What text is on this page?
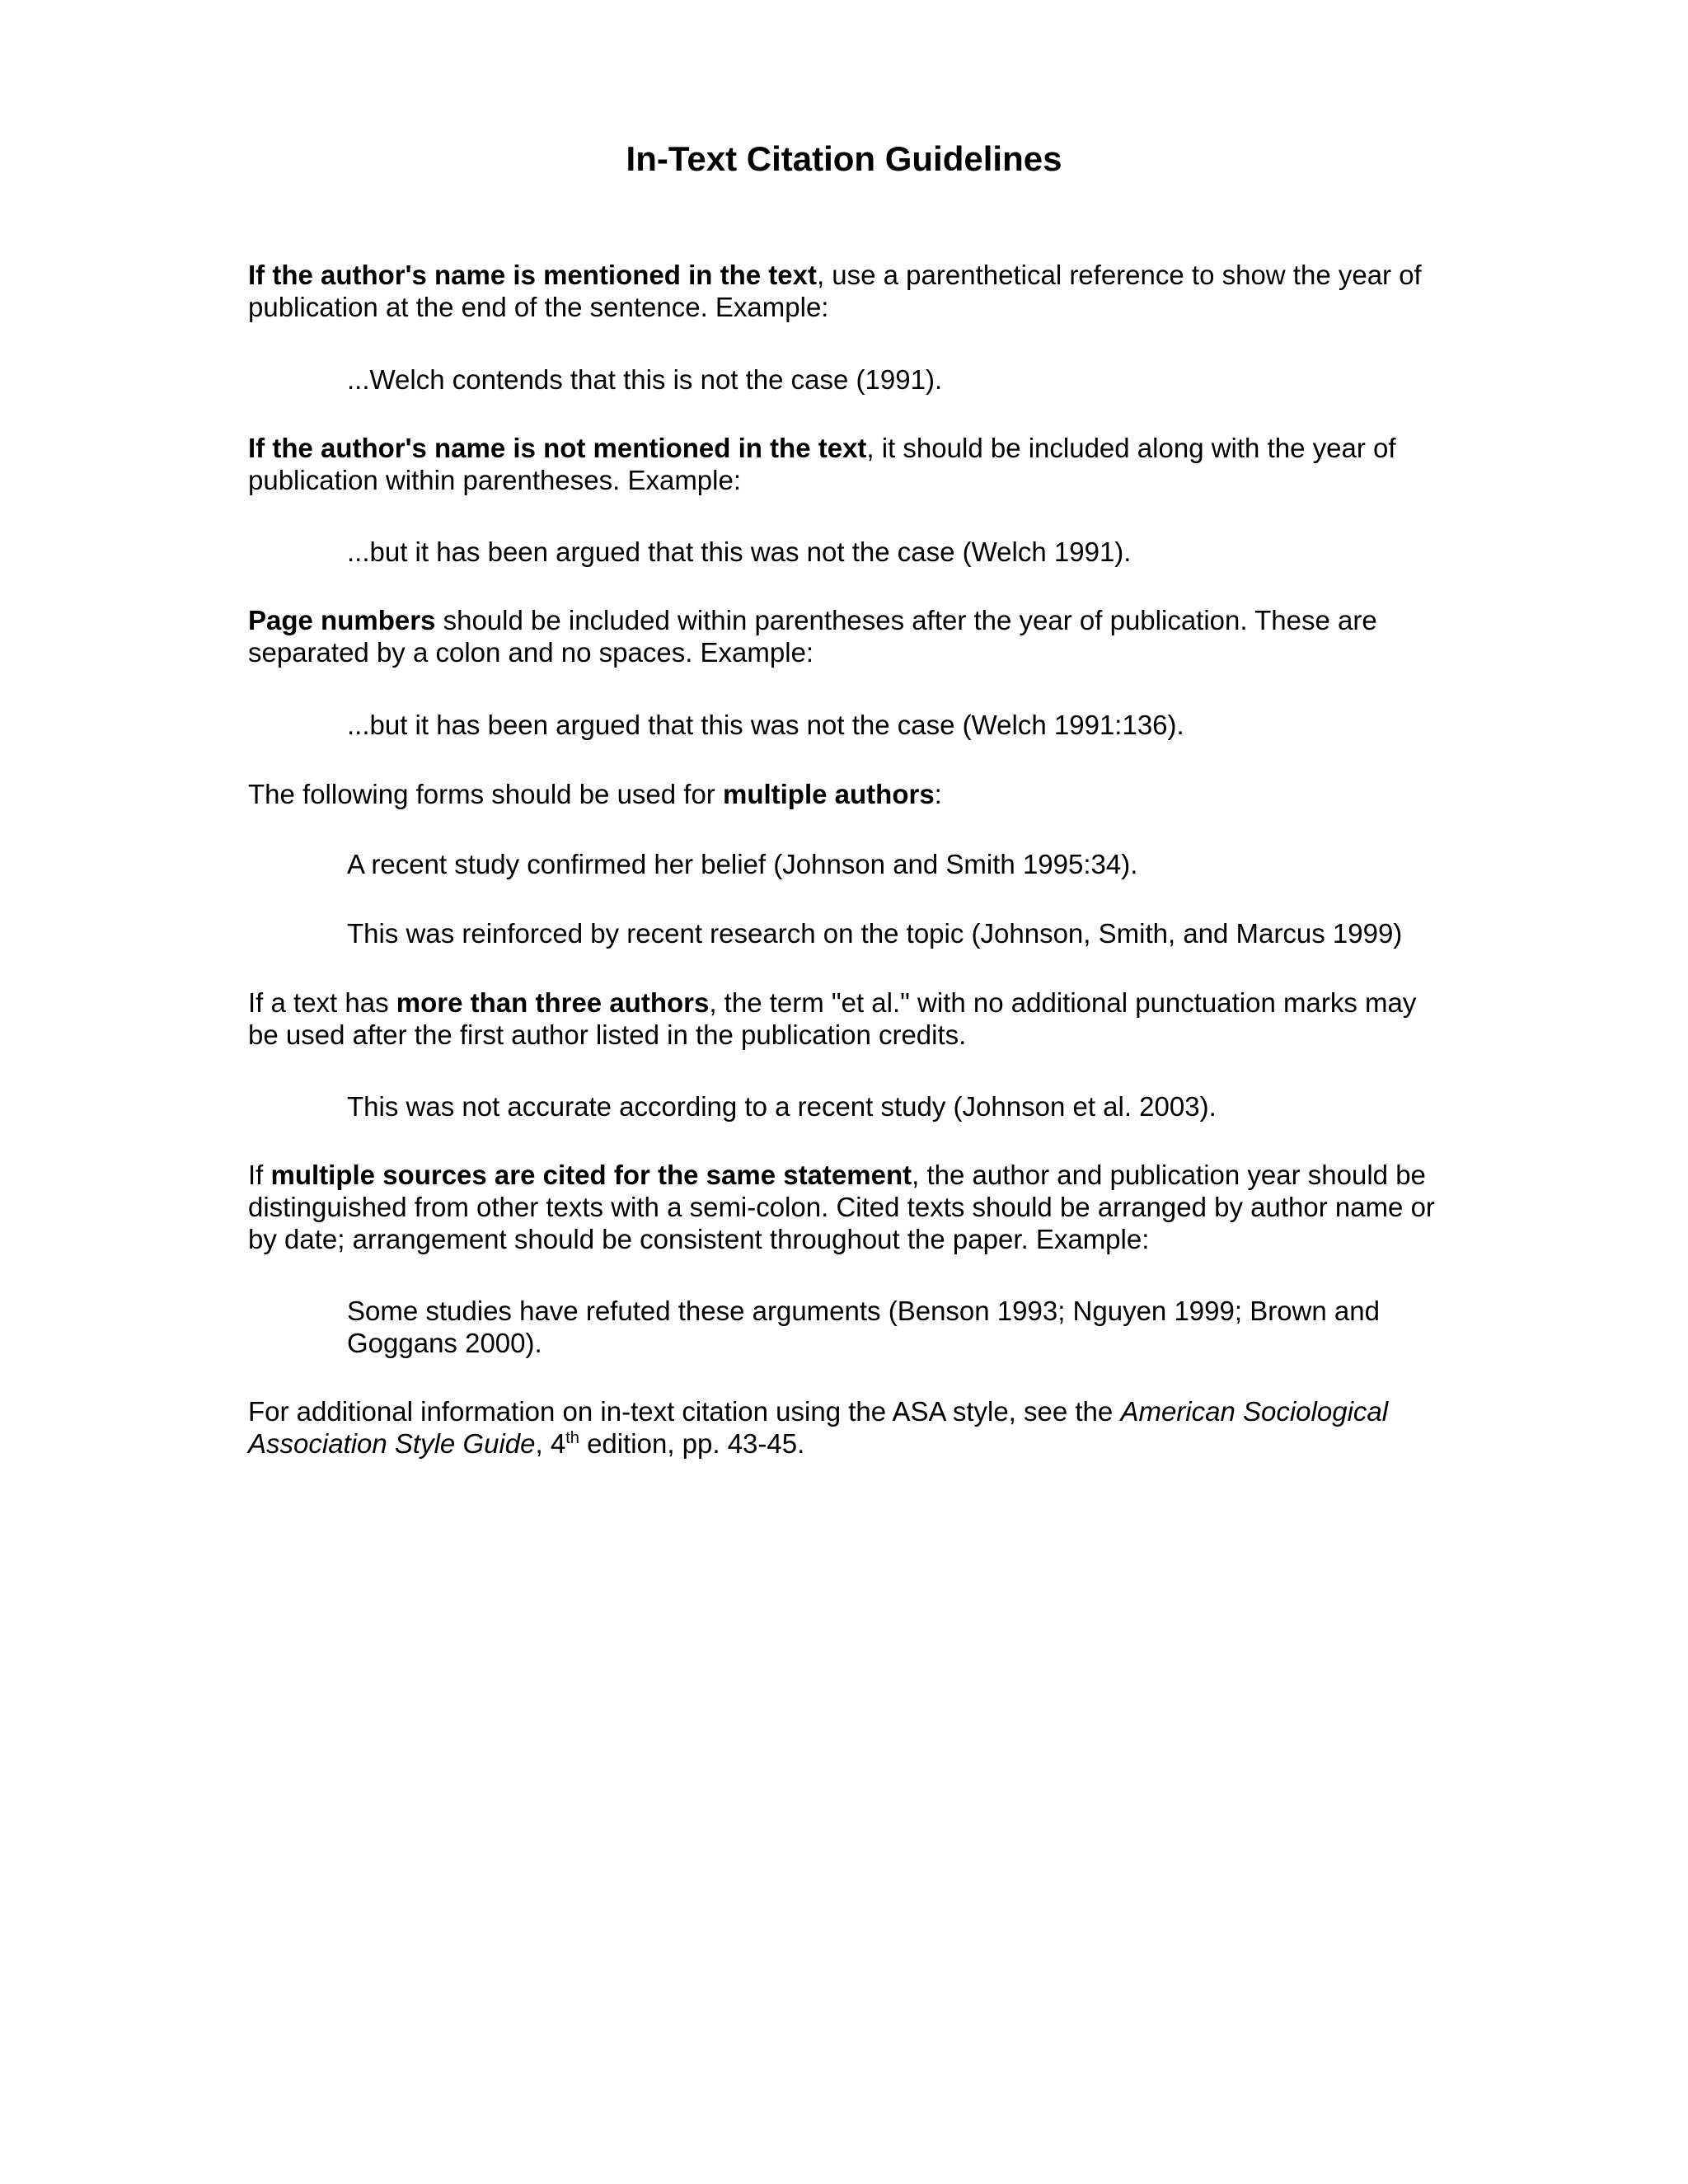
In-Text Citation Guidelines

If the author's name is mentioned in the text, use a parenthetical reference to show the year of publication at the end of the sentence. Example:

...Welch contends that this is not the case (1991).

If the author's name is not mentioned in the text, it should be included along with the year of publication within parentheses. Example:

...but it has been argued that this was not the case (Welch 1991).

Page numbers should be included within parentheses after the year of publication. These are separated by a colon and no spaces. Example:

...but it has been argued that this was not the case (Welch 1991:136).

The following forms should be used for multiple authors:

A recent study confirmed her belief (Johnson and Smith 1995:34).

This was reinforced by recent research on the topic (Johnson, Smith, and Marcus 1999)

If a text has more than three authors, the term "et al." with no additional punctuation marks may be used after the first author listed in the publication credits.

This was not accurate according to a recent study (Johnson et al. 2003).

If multiple sources are cited for the same statement, the author and publication year should be distinguished from other texts with a semi-colon. Cited texts should be arranged by author name or by date; arrangement should be consistent throughout the paper. Example:

Some studies have refuted these arguments (Benson 1993; Nguyen 1999; Brown and Goggans 2000).

For additional information on in-text citation using the ASA style, see the American Sociological Association Style Guide, 4th edition, pp. 43-45.
